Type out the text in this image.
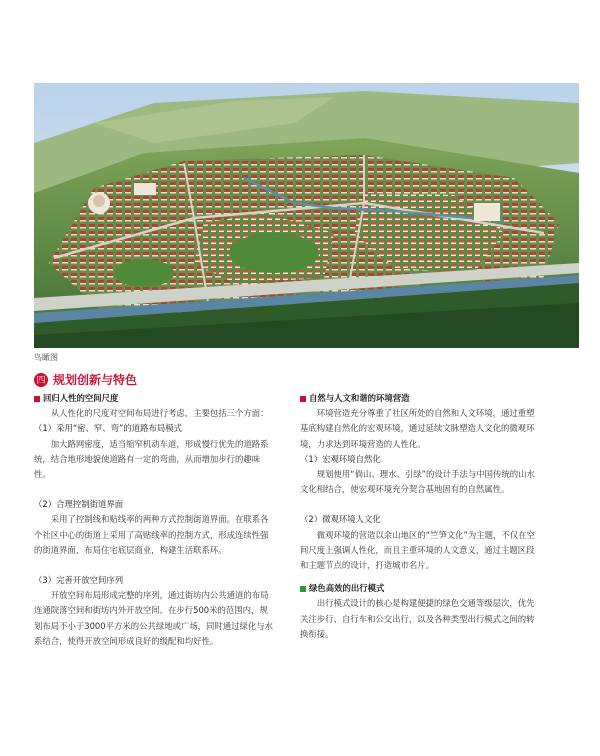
鸟瞰图
四 规划创新与特色
回归人性的空间尺度

从人性化的尺度对空间布局进行考虑，主要包括三个方面：

（1）采用“密、窄、弯”的道路布局模式

加大路网密度，适当缩窄机动车道，形成慢行优先的道路系统，结合地形地貌使道路有一定的弯曲，从而增加步行的趣味性。

（2）合理控制街道界面

采用了控制线和贴线率的两种方式控制街道界面。在联系各个社区中心的街道上采用了高贴线率的控制方式，形成连续性强的街道界面，布局住宅底层商业，构建生活联系环。

（3）完善开放空间序列

开放空间布局形成完整的序列，通过街坊内公共通道的布局连通院落空间和街坊内外开放空间。在步行500米的范围内，规划布局不小于3000平方米的公共绿地或广场，同时通过绿化与水系结合，使得开放空间形成良好的级配和均好性。

自然与人文和谐的环境营造

环境营造充分尊重了社区所处的自然和人文环境，通过重塑基底构建自然化的宏观环境，通过延续文脉塑造人文化的微观环境，力求达到环境营造的人性化。

（1）宏观环境自然化

规划使用“倘山、理水、引绿”的设计手法与中国传统的山水文化相结合，使宏观环境充分契合基地固有的自然属性。

（2）微观环境人文化

微观环境的营造以余山地区的“竺笋文化”为主题，不仅在空间尺度上强调人性化，而且主重环境的人文意义，通过主题区段和主题节点的设计，打造城市名片。

绿色高效的出行模式

出行模式设计的核心是构建便捷的绿色交通等级层次，优先关注步行、自行车和公交出行，以及各种类型出行模式之间的转换衔接。
